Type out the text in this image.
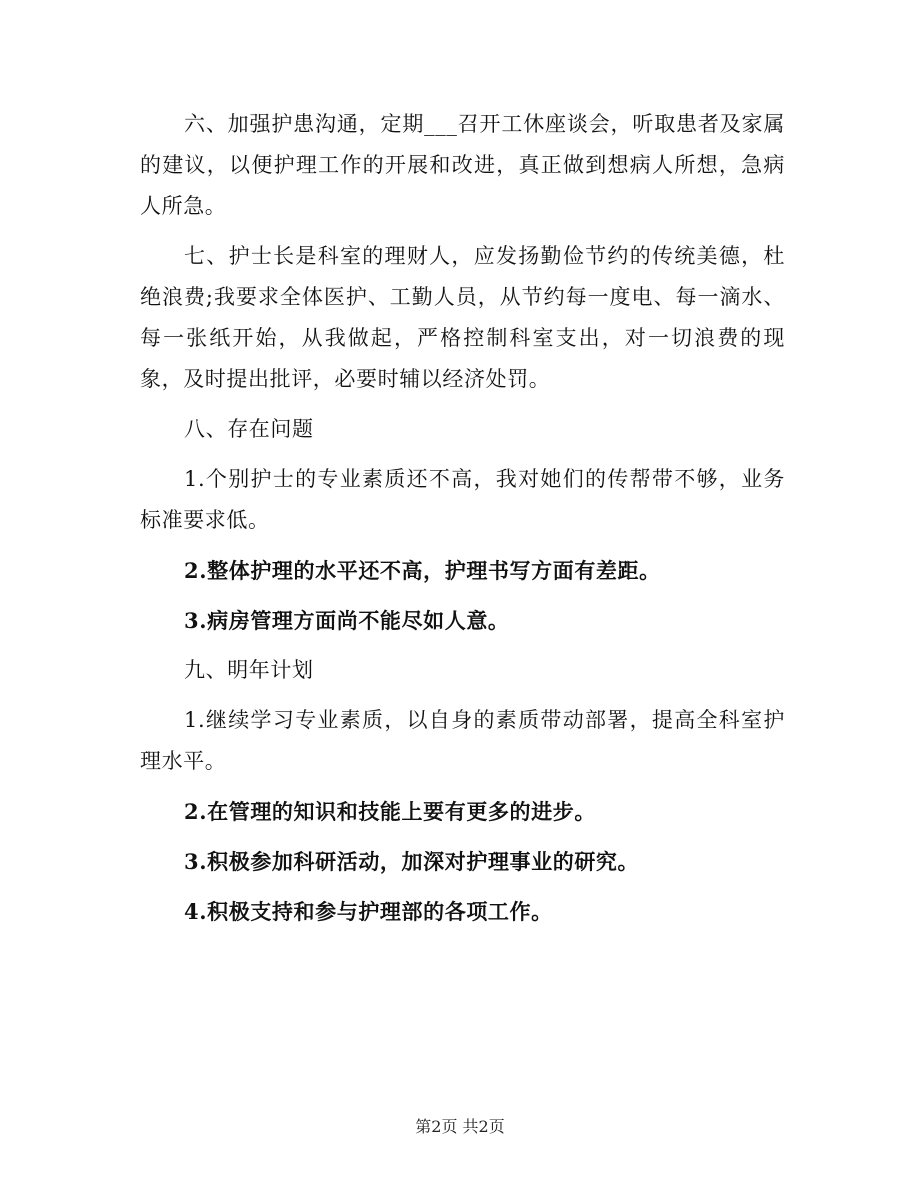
六、加强护患沟通，定期___召开工休座谈会，听取患者及家属的建议，以便护理工作的开展和改进，真正做到想病人所想，急病人所急。

七、护士长是科室的理财人，应发扬勤俭节约的传统美德，杜绝浪费;我要求全体医护、工勤人员，从节约每一度电、每一滴水、每一张纸开始，从我做起，严格控制科室支出，对一切浪费的现象，及时提出批评，必要时辅以经济处罚。

八、存在问题

1.个别护士的专业素质还不高，我对她们的传帮带不够，业务标准要求低。

2.整体护理的水平还不高，护理书写方面有差距。

3.病房管理方面尚不能尽如人意。

九、明年计划

1.继续学习专业素质，以自身的素质带动部署，提高全科室护理水平。

2.在管理的知识和技能上要有更多的进步。

3.积极参加科研活动，加深对护理事业的研究。

4.积极支持和参与护理部的各项工作。

第2页 共2页
